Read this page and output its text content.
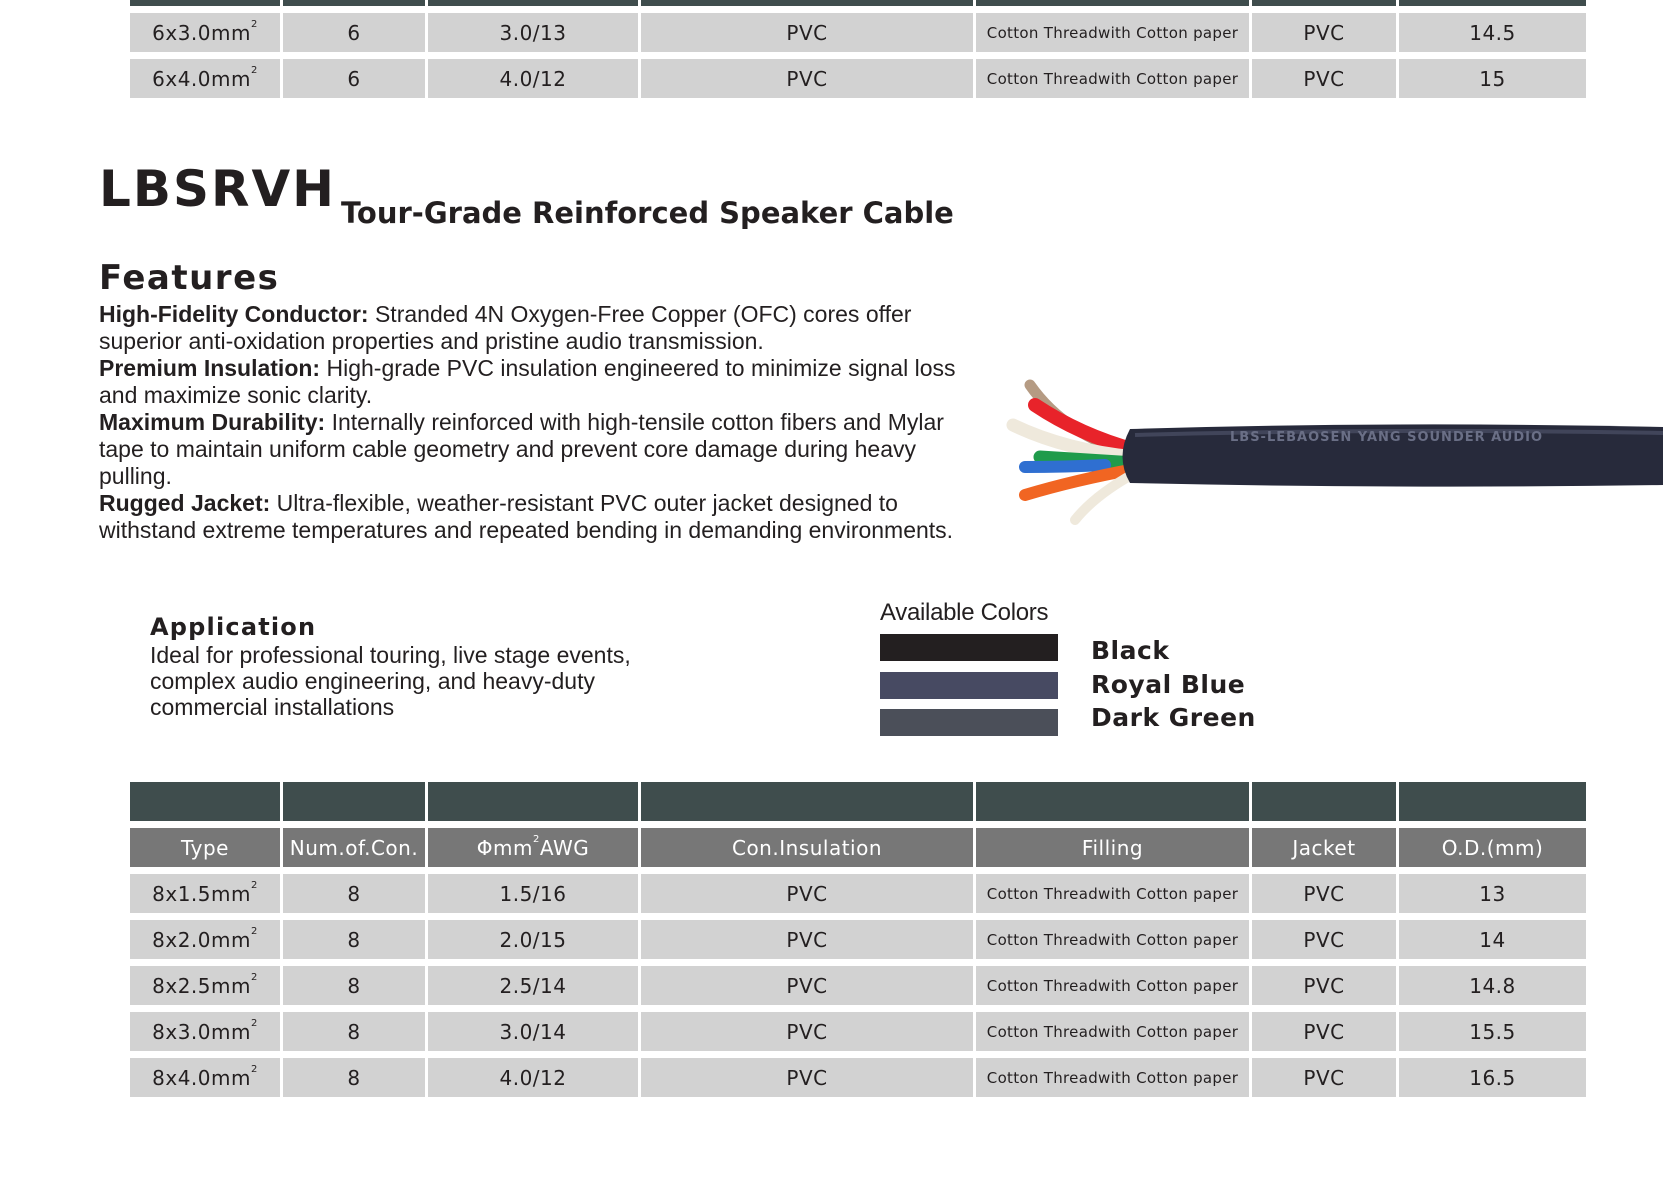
$6x3.0mm^2$	6	3.0/13	PVC	Cotton Threadwith Cotton paper	PVC	14.5
$6x4.0mm^2$	6	4.0/12	PVC	Cotton Threadwith Cotton paper	PVC	15
LBSRVH Tour-Grade Reinforced Speaker Cable
Features

High-Fidelity Conductor: Stranded 4N Oxygen-Free Copper (OFC) cores offer superior anti-oxidation properties and pristine audio transmission.

Premium Insulation: High-grade PVC insulation engineered to minimize signal loss and maximize sonic clarity.

Maximum Durability: Internally reinforced with high-tensile cotton fibers and Mylar tape to maintain uniform cable geometry and prevent core damage during heavy pulling.

Rugged Jacket: Ultra-flexible, weather-resistant PVC outer jacket designed to withstand extreme temperatures and repeated bending in demanding environments.

LBS-LEBAOSEN YANG SOUNDER AUDIO
Application
Ideal for professional touring, live stage events, complex audio engineering, and heavy-duty commercial installations
Available Colors
Black
Royal Blue
Dark Green

Type	Num.of.Con.	Φmm$^2$AWG	Con.Insulation	Filling	Jacket	O.D.(mm)
$8x1.5mm^2$	8	1.5/16	PVC	Cotton Threadwith Cotton paper	PVC	13
$8x2.0mm^2$	8	2.0/15	PVC	Cotton Threadwith Cotton paper	PVC	14
$8x2.5mm^2$	8	2.5/14	PVC	Cotton Threadwith Cotton paper	PVC	14.8
$8x3.0mm^2$	8	3.0/14	PVC	Cotton Threadwith Cotton paper	PVC	15.5
$8x4.0mm^2$	8	4.0/12	PVC	Cotton Threadwith Cotton paper	PVC	16.5
